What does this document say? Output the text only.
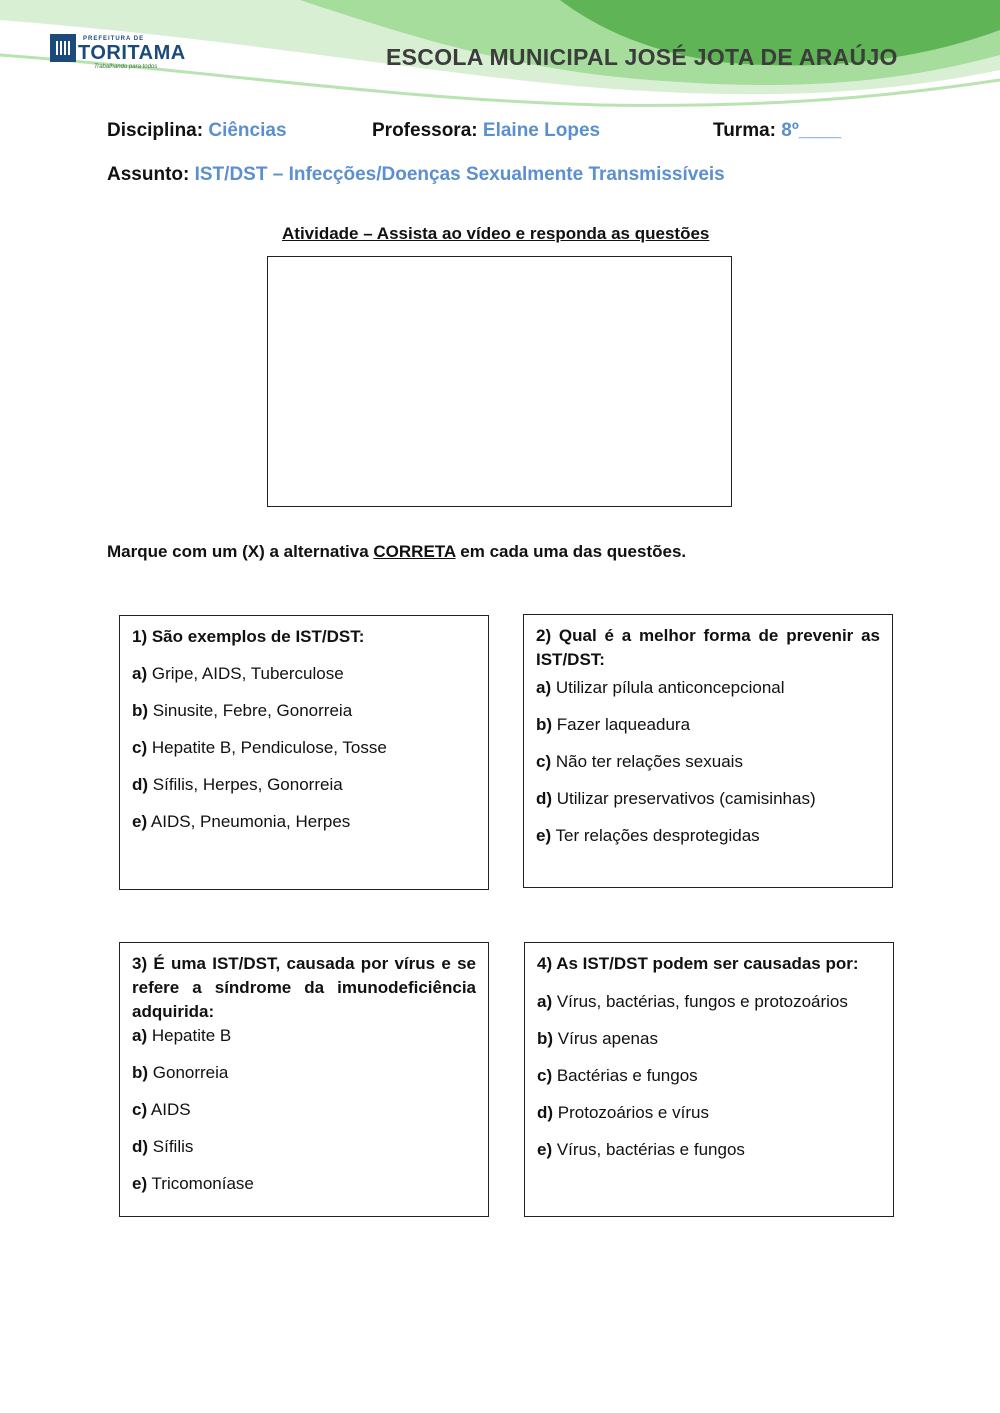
PREFEITURA DE
TORITAMA
Trabalhando para todos	ESCOLA MUNICIPAL JOSÉ JOTA DE ARAÚJO
Disciplina: Ciências	Professora: Elaine Lopes	Turma: 8º____
Assunto: IST/DST – Infecções/Doenças Sexualmente Transmissíveis
Atividade – Assista ao vídeo e responda as questões
Marque com um (X) a alternativa CORRETA em cada uma das questões.

1) São exemplos de IST/DST:

a) Gripe, AIDS, Tuberculose
b) Sinusite, Febre, Gonorreia
c) Hepatite B, Pendiculose, Tosse
d) Sífilis, Herpes, Gonorreia
e) AIDS, Pneumonia, Herpes

2) Qual é a melhor forma de prevenir as IST/DST:

a) Utilizar pílula anticoncepcional
b) Fazer laqueadura
c) Não ter relações sexuais
d) Utilizar preservativos (camisinhas)
e) Ter relações desprotegidas

3) É uma IST/DST, causada por vírus e se refere a síndrome da imunodeficiência adquirida:

a) Hepatite B
b) Gonorreia
c) AIDS
d) Sífilis
e) Tricomoníase

4) As IST/DST podem ser causadas por:

a) Vírus, bactérias, fungos e protozoários
b) Vírus apenas
c) Bactérias e fungos
d) Protozoários e vírus
e) Vírus, bactérias e fungos
